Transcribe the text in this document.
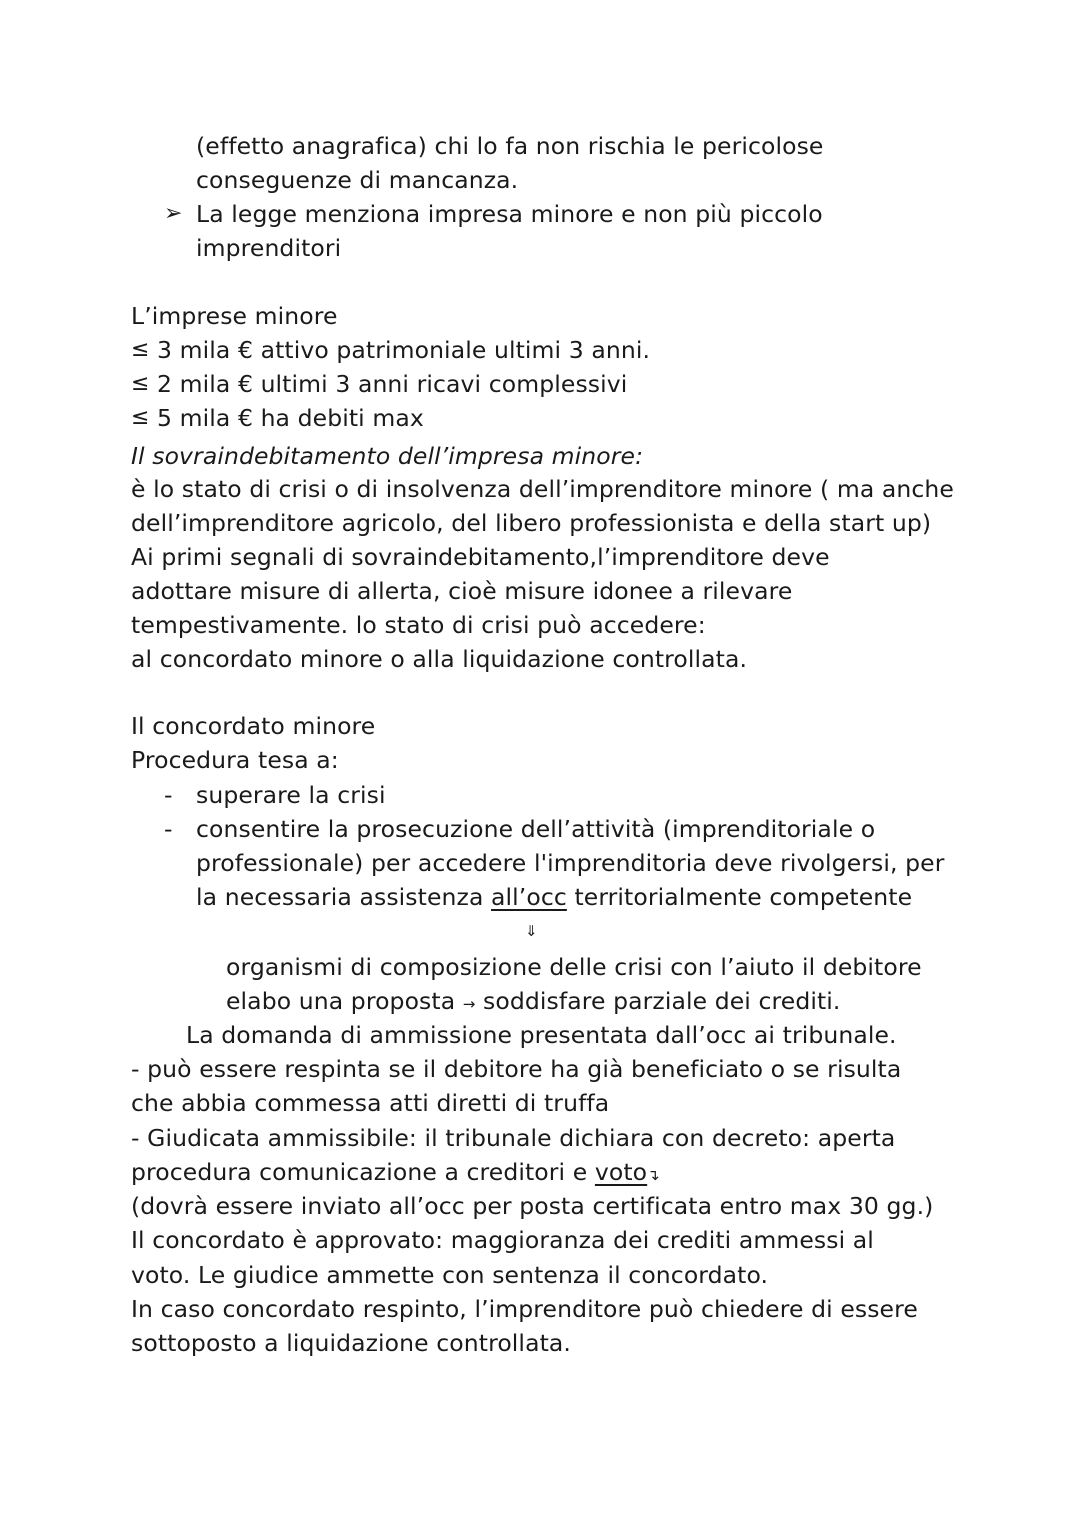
(effetto anagrafica) chi lo fa non rischia le pericolose
conseguenze di mancanza.
➢ La legge menziona impresa minore e non più piccolo
imprenditori
L’imprese minore
≤ 3 mila € attivo patrimoniale ultimi 3 anni.
≤ 2 mila € ultimi 3 anni ricavi complessivi
≤ 5 mila € ha debiti max
Il sovraindebitamento dell’impresa minore:
è lo stato di crisi o di insolvenza dell’imprenditore minore ( ma anche
dell’imprenditore agricolo, del libero professionista e della start up)
Ai primi segnali di sovraindebitamento,l’imprenditore deve
adottare misure di allerta, cioè misure idonee a rilevare
tempestivamente. lo stato di crisi può accedere:
al concordato minore o alla liquidazione controllata.
Il concordato minore
Procedura tesa a:
- superare la crisi
- consentire la prosecuzione dell’attività (imprenditoriale o
professionale) per accedere l'imprenditoria deve rivolgersi, per
la necessaria assistenza all’occ territorialmente competente
⇓
organismi di composizione delle crisi con l’aiuto il debitore
elabo una proposta → soddisfare parziale dei crediti.
La domanda di ammissione presentata dall’occ ai tribunale.
- può essere respinta se il debitore ha già beneficiato o se risulta
che abbia commessa atti diretti di truffa
- Giudicata ammissibile: il tribunale dichiara con decreto: aperta
procedura comunicazione a creditori e voto↴
(dovrà essere inviato all’occ per posta certificata entro max 30 gg.)
Il concordato è approvato: maggioranza dei crediti ammessi al
voto. Le giudice ammette con sentenza il concordato.
In caso concordato respinto, l’imprenditore può chiedere di essere
sottoposto a liquidazione controllata.
